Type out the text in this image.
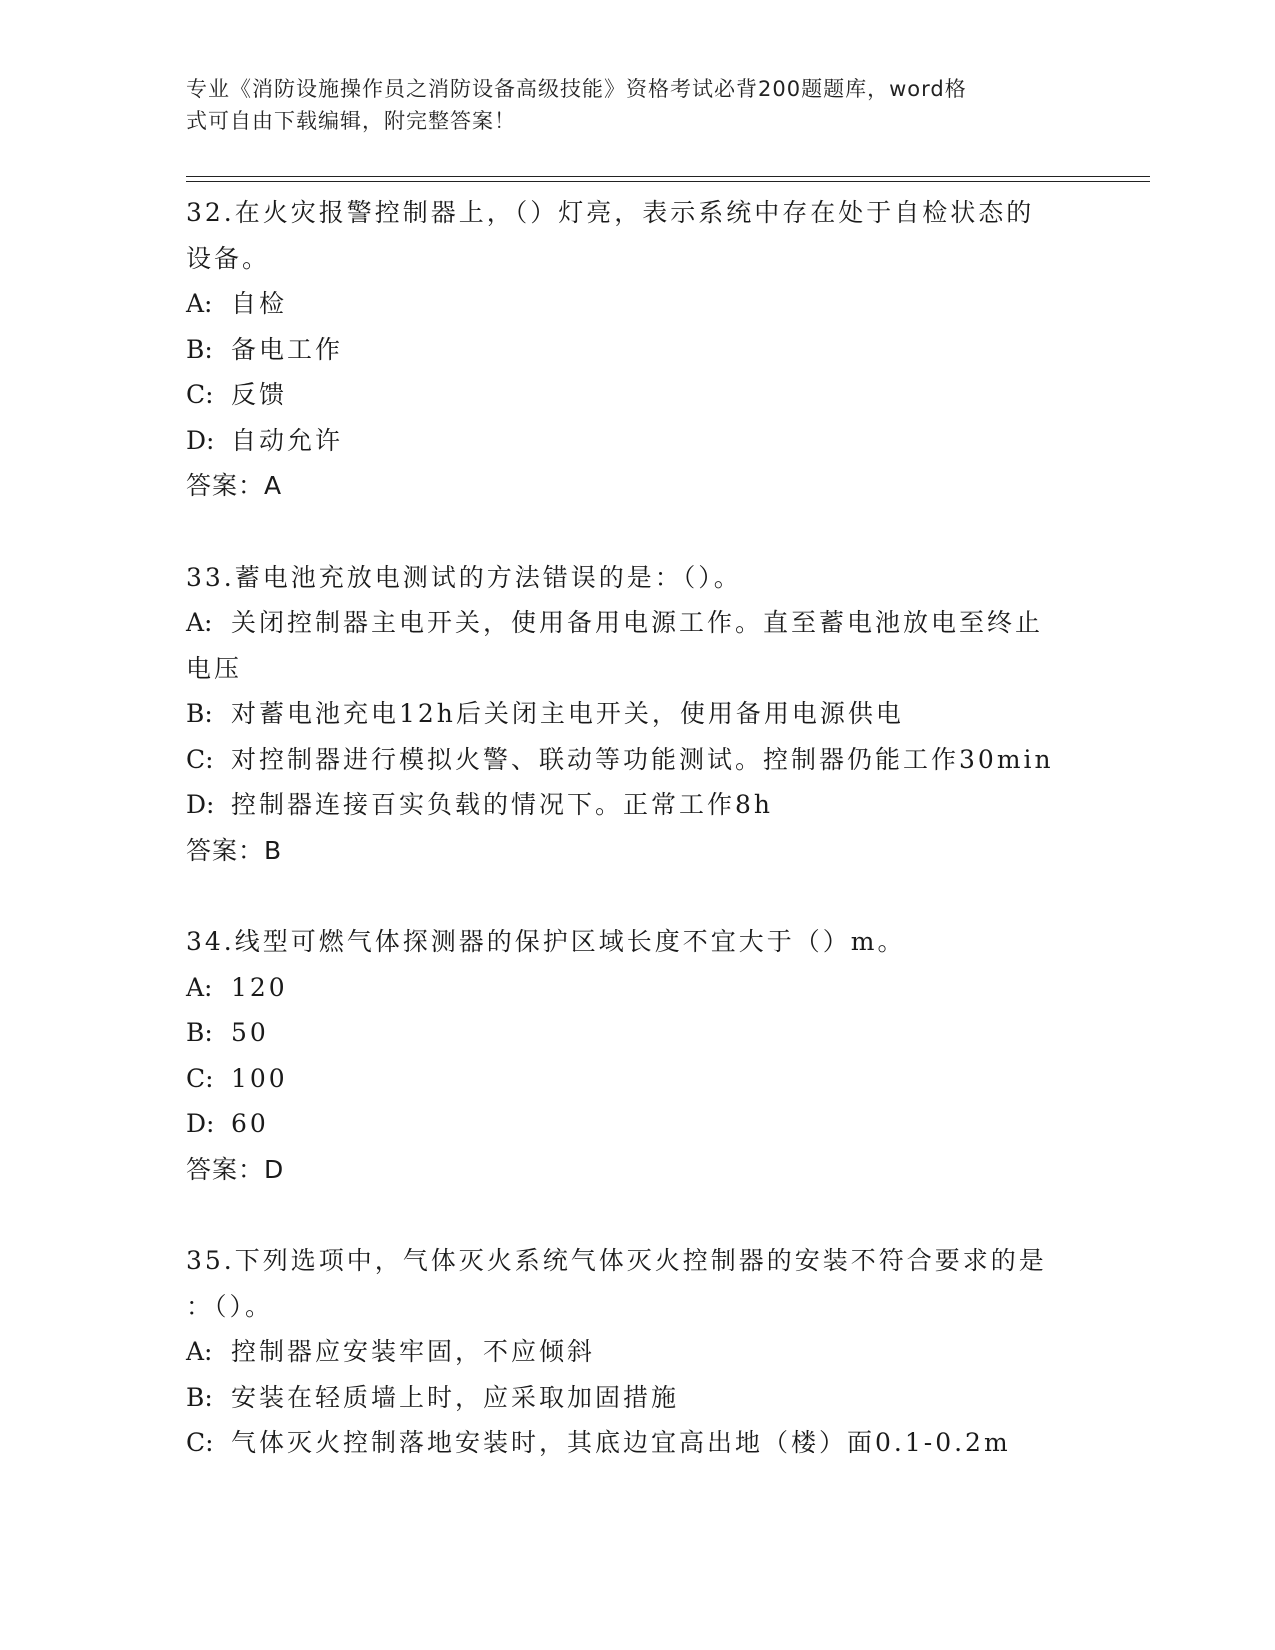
专业《消防设施操作员之消防设备高级技能》资格考试必背200题题库，word格
式可自由下载编辑，附完整答案！
32.在火灾报警控制器上，（）灯亮，表示系统中存在处于自检状态的
设备。
A: 自检
B: 备电工作
C: 反馈
D: 自动允许
答案：A
33.蓄电池充放电测试的方法错误的是：（）。
A: 关闭控制器主电开关，使用备用电源工作。直至蓄电池放电至终止
电压
B: 对蓄电池充电12h后关闭主电开关，使用备用电源供电
C: 对控制器进行模拟火警、联动等功能测试。控制器仍能工作30min
D: 控制器连接百实负载的情况下。正常工作8h
答案：B
34.线型可燃气体探测器的保护区域长度不宜大于（）m。
A: 120
B: 50
C: 100
D: 60
答案：D
35.下列选项中，气体灭火系统气体灭火控制器的安装不符合要求的是
：（）。
A: 控制器应安装牢固，不应倾斜
B: 安装在轻质墙上时，应采取加固措施
C: 气体灭火控制落地安装时，其底边宜高出地（楼）面0.1-0.2m
